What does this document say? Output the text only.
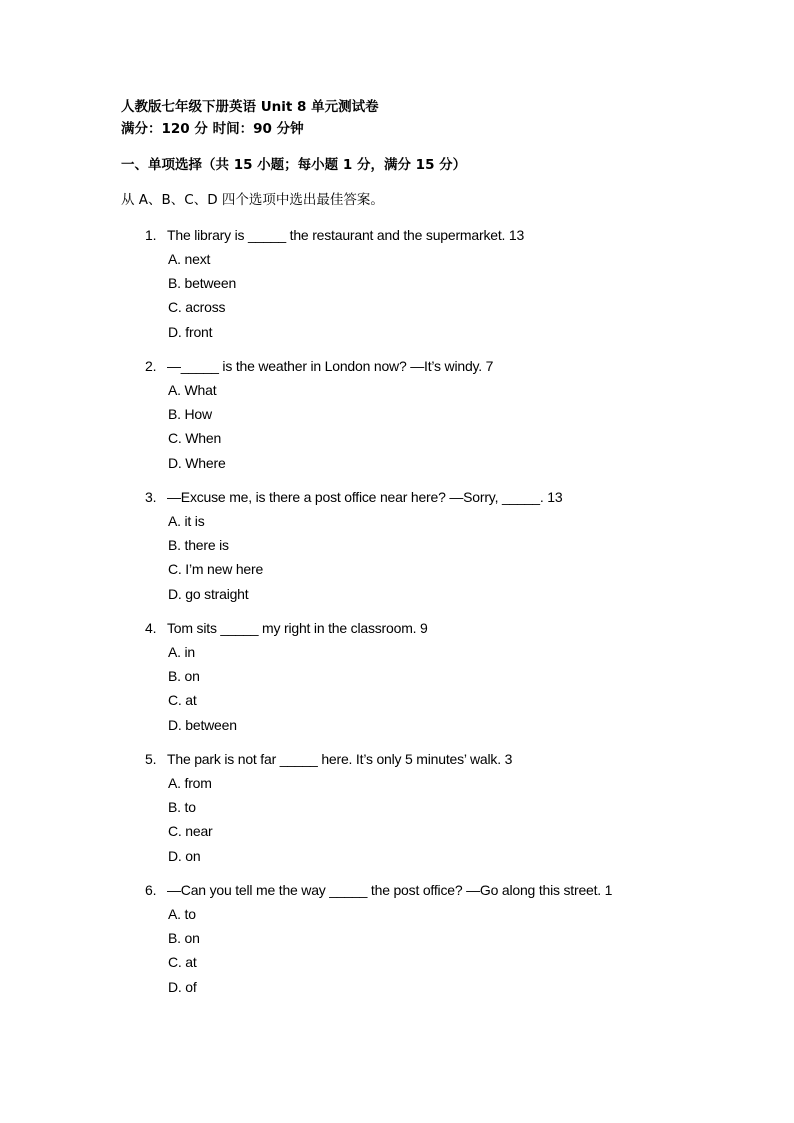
人教版七年级下册英语 Unit 8 单元测试卷
满分：120 分 时间：90 分钟
一、单项选择（共 15 小题；每小题 1 分，满分 15 分）
从 A、B、C、D 四个选项中选出最佳答案。
1. The library is _____ the restaurant and the supermarket. 13
A. next
B. between
C. across
D. front
2. —_____ is the weather in London now? —It’s windy. 7
A. What
B. How
C. When
D. Where
3. —Excuse me, is there a post office near here? —Sorry, _____. 13
A. it is
B. there is
C. I’m new here
D. go straight
4. Tom sits _____ my right in the classroom. 9
A. in
B. on
C. at
D. between
5. The park is not far _____ here. It’s only 5 minutes’ walk. 3
A. from
B. to
C. near
D. on
6. —Can you tell me the way _____ the post office? —Go along this street. 1
A. to
B. on
C. at
D. of
